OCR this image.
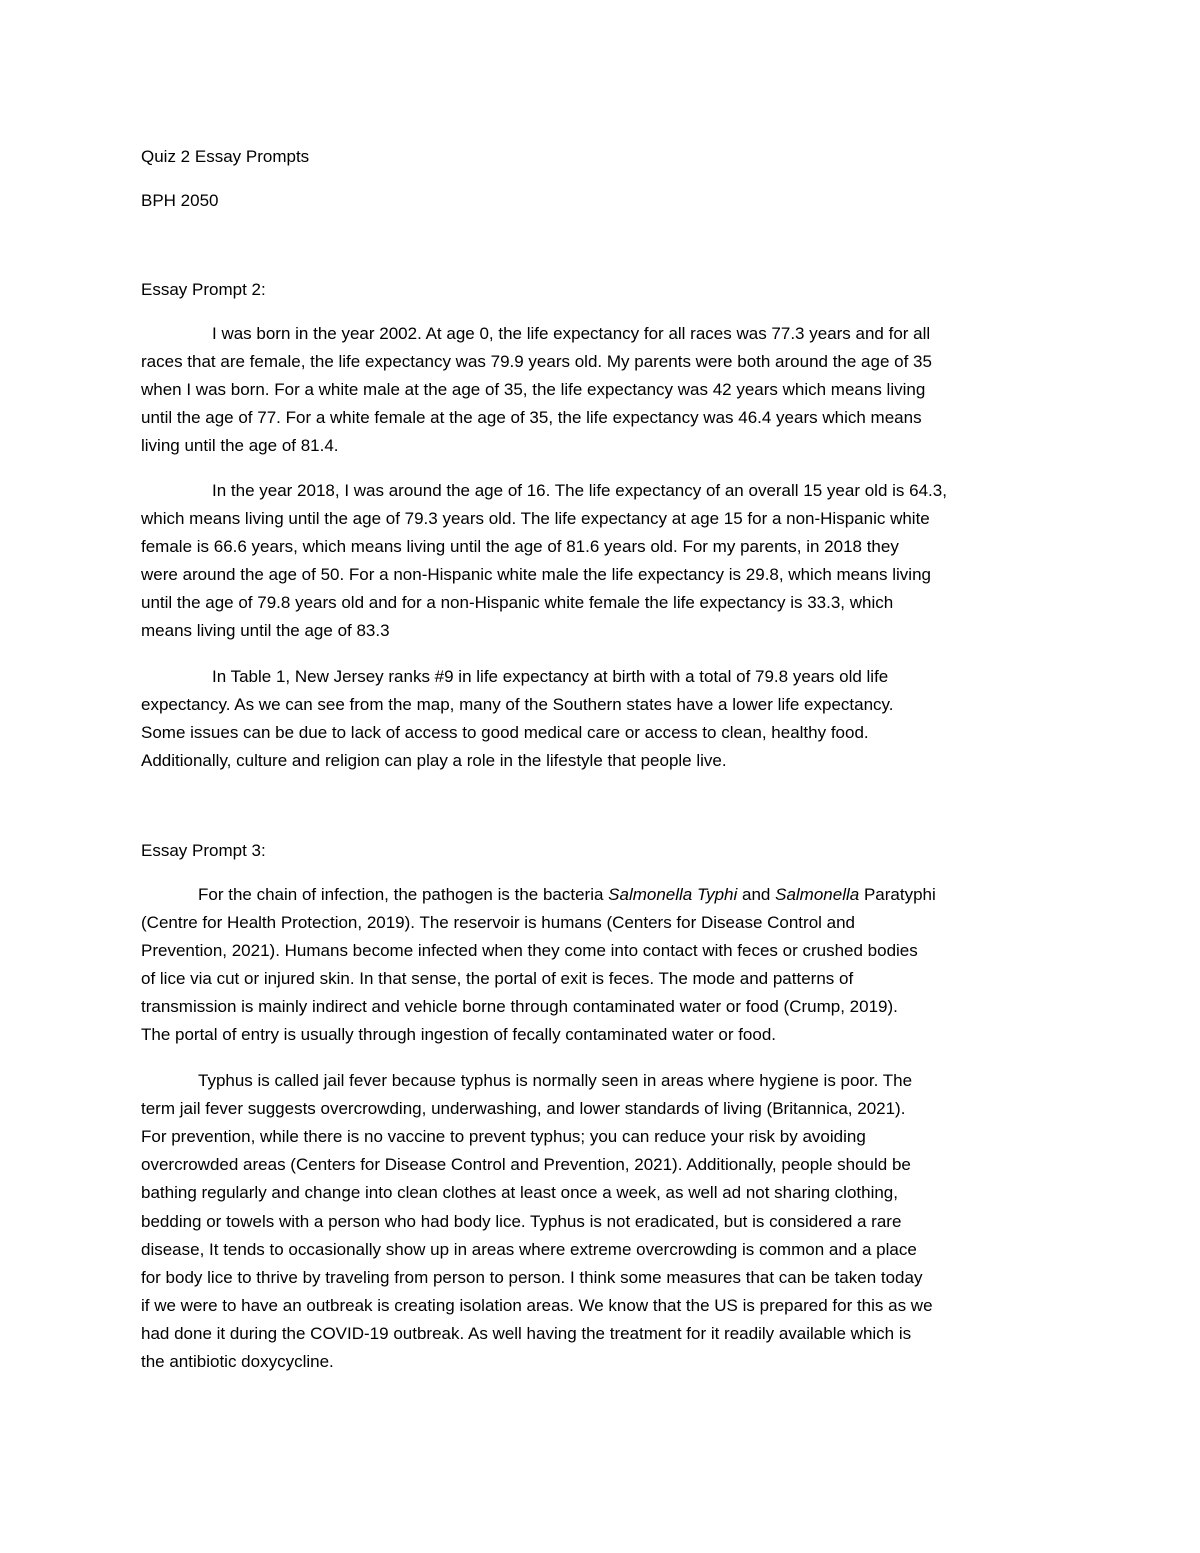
Quiz 2 Essay Prompts
BPH 2050
Essay Prompt 2:
I was born in the year 2002. At age 0, the life expectancy for all races was 77.3 years and for all
races that are female, the life expectancy was 79.9 years old. My parents were both around the age of 35
when I was born. For a white male at the age of 35, the life expectancy was 42 years which means living
until the age of 77. For a white female at the age of 35, the life expectancy was 46.4 years which means
living until the age of 81.4.
In the year 2018, I was around the age of 16. The life expectancy of an overall 15 year old is 64.3,
which means living until the age of 79.3 years old. The life expectancy at age 15 for a non-Hispanic white
female is 66.6 years, which means living until the age of 81.6 years old. For my parents, in 2018 they
were around the age of 50. For a non-Hispanic white male the life expectancy is 29.8, which means living
until the age of 79.8 years old and for a non-Hispanic white female the life expectancy is 33.3, which
means living until the age of 83.3
In Table 1, New Jersey ranks #9 in life expectancy at birth with a total of 79.8 years old life
expectancy. As we can see from the map, many of the Southern states have a lower life expectancy.
Some issues can be due to lack of access to good medical care or access to clean, healthy food.
Additionally, culture and religion can play a role in the lifestyle that people live.
Essay Prompt 3:
For the chain of infection, the pathogen is the bacteria Salmonella Typhi and Salmonella Paratyphi
(Centre for Health Protection, 2019). The reservoir is humans (Centers for Disease Control and
Prevention, 2021). Humans become infected when they come into contact with feces or crushed bodies
of lice via cut or injured skin. In that sense, the portal of exit is feces. The mode and patterns of
transmission is mainly indirect and vehicle borne through contaminated water or food (Crump, 2019).
The portal of entry is usually through ingestion of fecally contaminated water or food.
Typhus is called jail fever because typhus is normally seen in areas where hygiene is poor. The
term jail fever suggests overcrowding, underwashing, and lower standards of living (Britannica, 2021).
For prevention, while there is no vaccine to prevent typhus; you can reduce your risk by avoiding
overcrowded areas (Centers for Disease Control and Prevention, 2021). Additionally, people should be
bathing regularly and change into clean clothes at least once a week, as well ad not sharing clothing,
bedding or towels with a person who had body lice. Typhus is not eradicated, but is considered a rare
disease, It tends to occasionally show up in areas where extreme overcrowding is common and a place
for body lice to thrive by traveling from person to person. I think some measures that can be taken today
if we were to have an outbreak is creating isolation areas. We know that the US is prepared for this as we
had done it during the COVID-19 outbreak. As well having the treatment for it readily available which is
the antibiotic doxycycline.
